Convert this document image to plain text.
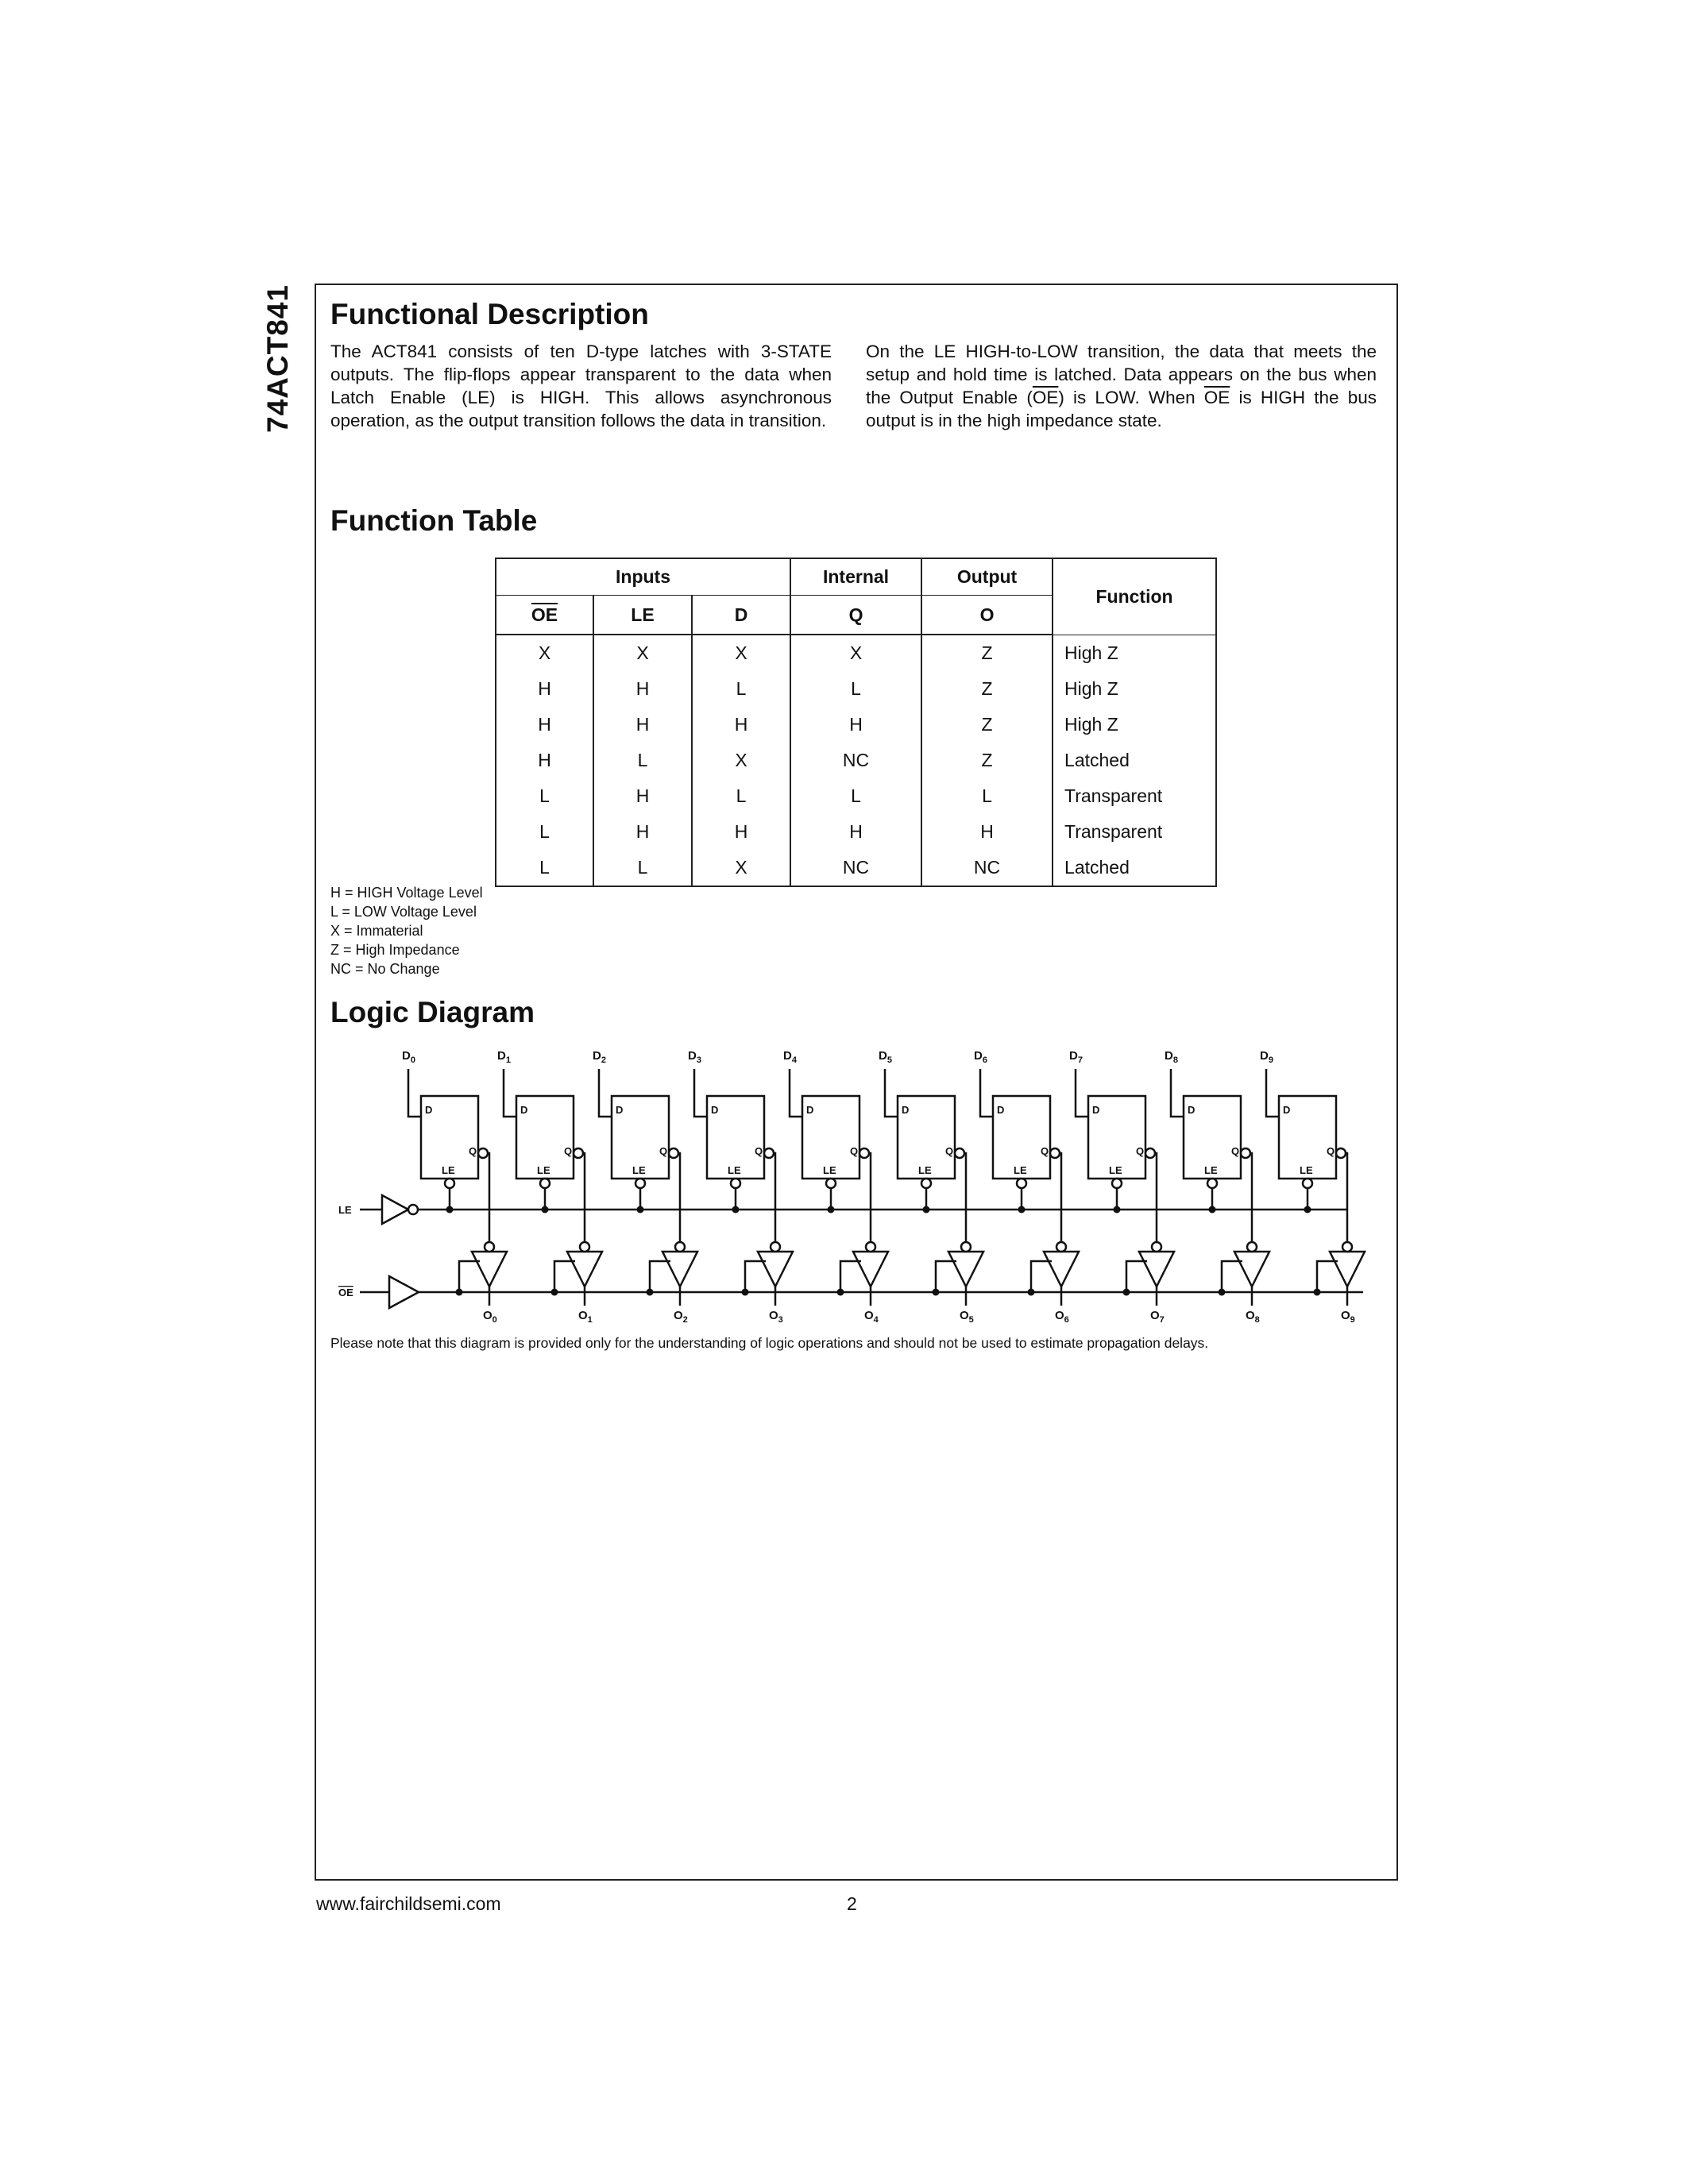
74ACT841 Functional Description

The ACT841 consists of ten D-type latches with 3-STATE outputs. The flip-flops appear transparent to the data when Latch Enable (LE) is HIGH. This allows asynchronous operation, as the output transition follows the data in transition.

On the LE HIGH-to-LOW transition, the data that meets the setup and hold time is latched. Data appears on the bus when the Output Enable $(\overline{OE})$ is LOW. When $\overline{OE}$ is HIGH the bus output is in the high impedance state.

Function Table
Inputs			Internal	Output	Function
$\overline{OE}$	LE	D	Q	O	
X	X	X	X	Z	High Z
H	H	L	L	Z	High Z
H	H	H	H	Z	High Z
H	L	X	NC	Z	Latched
L	H	L	L	L	Transparent
L	H	H	H	H	Transparent
L	L	X	NC	NC	Latched
H = HIGH Voltage Level
L = LOW Voltage Level
X = Immaterial
Z = High Impedance
NC = No Change
Logic Diagram
$D_0$
D
Q
LE
$O_0$
$D_1$
D
Q
LE
$O_1$
$D_2$
D
Q
LE
$O_2$
$D_3$
D
Q
LE
$O_3$
$D_4$
D
Q
LE
$O_4$
$D_5$
D
Q
LE
$O_5$
$D_6$
D
Q
LE
$O_6$
$D_7$
D
Q
LE
$O_7$
$D_8$
D
Q
LE
$O_8$
$D_9$
D
Q
LE
$O_9$
LE
OE
Please note that this diagram is provided only for the understanding of logic operations and should not be used to estimate propagation delays.
www.fairchildsemi.com	2
